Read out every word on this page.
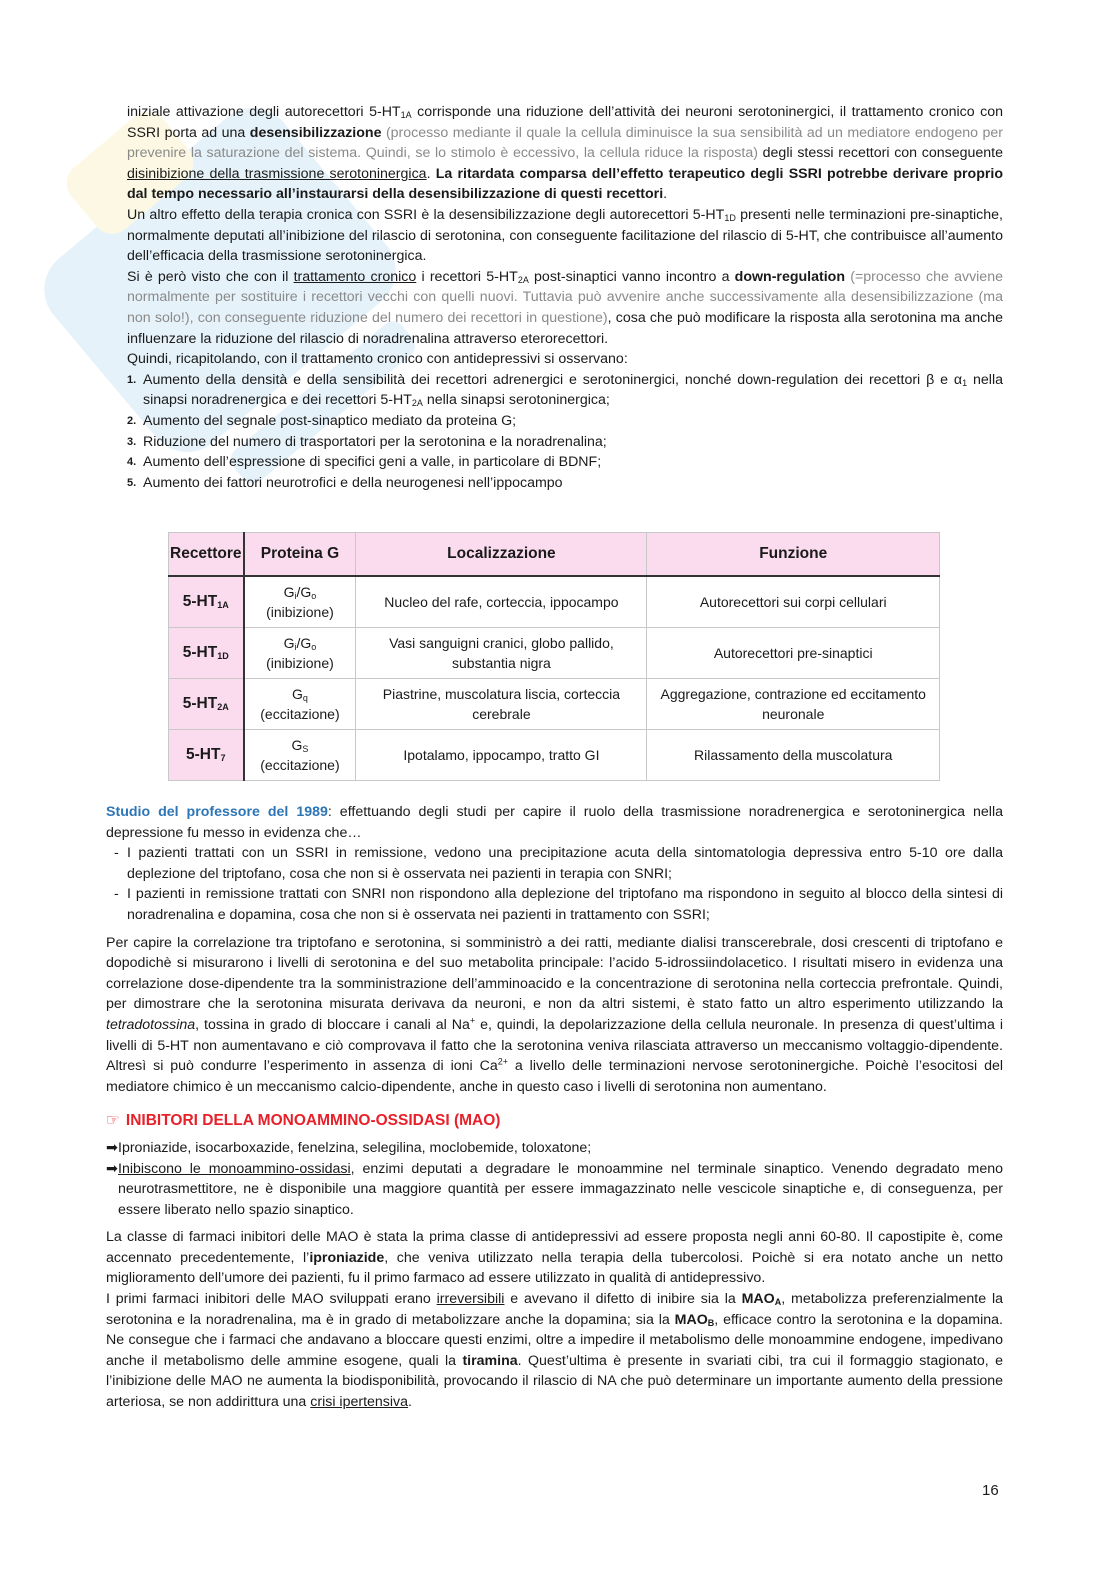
iniziale attivazione degli autorecettori $5-HT_{1A}$ corrisponde una riduzione dell’attività dei neuroni serotoninergici, il trattamento cronico con SSRI porta ad una desensibilizzazione (processo mediante il quale la cellula diminuisce la sua sensibilità ad un mediatore endogeno per prevenire la saturazione del sistema. Quindi, se lo stimolo è eccessivo, la cellula riduce la risposta) degli stessi recettori con conseguente disinibizione della trasmissione serotoninergica. La ritardata comparsa dell’effetto terapeutico degli SSRI potrebbe derivare proprio dal tempo necessario all’instaurarsi della desensibilizzazione di questi recettori.

Un altro effetto della terapia cronica con SSRI è la desensibilizzazione degli autorecettori $5-HT_{1D}$ presenti nelle terminazioni pre-sinaptiche, normalmente deputati all’inibizione del rilascio di serotonina, con conseguente facilitazione del rilascio di 5-HT, che contribuisce all’aumento dell’efficacia della trasmissione serotoninergica.

Si è però visto che con il trattamento cronico i recettori $5-HT_{2A}$ post-sinaptici vanno incontro a down-regulation (=processo che avviene normalmente per sostituire i recettori vecchi con quelli nuovi. Tuttavia può avvenire anche successivamente alla desensibilizzazione (ma non solo!), con conseguente riduzione del numero dei recettori in questione), cosa che può modificare la risposta alla serotonina ma anche influenzare la riduzione del rilascio di noradrenalina attraverso eterorecettori.

Quindi, ricapitolando, con il trattamento cronico con antidepressivi si osservano:

1. Aumento della densità e della sensibilità dei recettori adrenergici e serotoninergici, nonché down-regulation dei recettori β e $\alpha_1$ nella sinapsi noradrenergica e dei recettori $5-HT_{2A}$ nella sinapsi serotoninergica;
2. Aumento del segnale post-sinaptico mediato da proteina G;
3. Riduzione del numero di trasportatori per la serotonina e la noradrenalina;
4. Aumento dell’espressione di specifici geni a valle, in particolare di BDNF;
5. Aumento dei fattori neurotrofici e della neurogenesi nell’ippocampo
Recettore	Proteina G	Localizzazione	Funzione
$5-HT_{1A}$	$G_i/G_o$ (inibizione)	Nucleo del rafe, corteccia, ippocampo	Autorecettori sui corpi cellulari
$5-HT_{1D}$	$G_i/G_o$ (inibizione)	Vasi sanguigni cranici, globo pallido, substantia nigra	Autorecettori pre-sinaptici
$5-HT_{2A}$	$G_q$ (eccitazione)	Piastrine, muscolatura liscia, corteccia cerebrale	Aggregazione, contrazione ed eccitamento neuronale
$5-HT_7$	$G_S$ (eccitazione)	Ipotalamo, ippocampo, tratto GI	Rilassamento della muscolatura

Studio del professore del 1989: effettuando degli studi per capire il ruolo della trasmissione noradrenergica e serotoninergica nella depressione fu messo in evidenza che…

- I pazienti trattati con un SSRI in remissione, vedono una precipitazione acuta della sintomatologia depressiva entro 5-10 ore dalla deplezione del triptofano, cosa che non si è osservata nei pazienti in terapia con SNRI;
- I pazienti in remissione trattati con SNRI non rispondono alla deplezione del triptofano ma rispondono in seguito al blocco della sintesi di noradrenalina e dopamina, cosa che non si è osservata nei pazienti in trattamento con SSRI;

Per capire la correlazione tra triptofano e serotonina, si somministrò a dei ratti, mediante dialisi transcerebrale, dosi crescenti di triptofano e dopodichè si misurarono i livelli di serotonina e del suo metabolita principale: l’acido 5-idrossiindolacetico. I risultati misero in evidenza una correlazione dose-dipendente tra la somministrazione dell’amminoacido e la concentrazione di serotonina nella corteccia prefrontale. Quindi, per dimostrare che la serotonina misurata derivava da neuroni, e non da altri sistemi, è stato fatto un altro esperimento utilizzando la tetradotossina, tossina in grado di bloccare i canali al Na+ e, quindi, la depolarizzazione della cellula neuronale. In presenza di quest’ultima i livelli di 5-HT non aumentavano e ciò comprovava il fatto che la serotonina veniva rilasciata attraverso un meccanismo voltaggio-dipendente. Altresì si può condurre l’esperimento in assenza di ioni $Ca^{2+}$ a livello delle terminazioni nervose serotoninergiche. Poichè l’esocitosi del mediatore chimico è un meccanismo calcio-dipendente, anche in questo caso i livelli di serotonina non aumentano.

☞ INIBITORI DELLA MONOAMMINO-OSSIDASI (MAO)
➡ Iproniazide, isocarboxazide, fenelzina, selegilina, moclobemide, toloxatone;
➡ Inibiscono le monoammino-ossidasi, enzimi deputati a degradare le monoammine nel terminale sinaptico. Venendo degradato meno neurotrasmettitore, ne è disponibile una maggiore quantità per essere immagazzinato nelle vescicole sinaptiche e, di conseguenza, per essere liberato nello spazio sinaptico.

La classe di farmaci inibitori delle MAO è stata la prima classe di antidepressivi ad essere proposta negli anni 60-80. Il capostipite è, come accennato precedentemente, l’iproniazide, che veniva utilizzato nella terapia della tubercolosi. Poichè si era notato anche un netto miglioramento dell’umore dei pazienti, fu il primo farmaco ad essere utilizzato in qualità di antidepressivo.

I primi farmaci inibitori delle MAO sviluppati erano irreversibili e avevano il difetto di inibire sia la $MAO_A$, metabolizza preferenzialmente la serotonina e la noradrenalina, ma è in grado di metabolizzare anche la dopamina; sia la $MAO_B$, efficace contro la serotonina e la dopamina. Ne consegue che i farmaci che andavano a bloccare questi enzimi, oltre a impedire il metabolismo delle monoammine endogene, impedivano anche il metabolismo delle ammine esogene, quali la tiramina. Quest’ultima è presente in svariati cibi, tra cui il formaggio stagionato, e l’inibizione delle MAO ne aumenta la biodisponibilità, provocando il rilascio di NA che può determinare un importante aumento della pressione arteriosa, se non addirittura una crisi ipertensiva.

16
